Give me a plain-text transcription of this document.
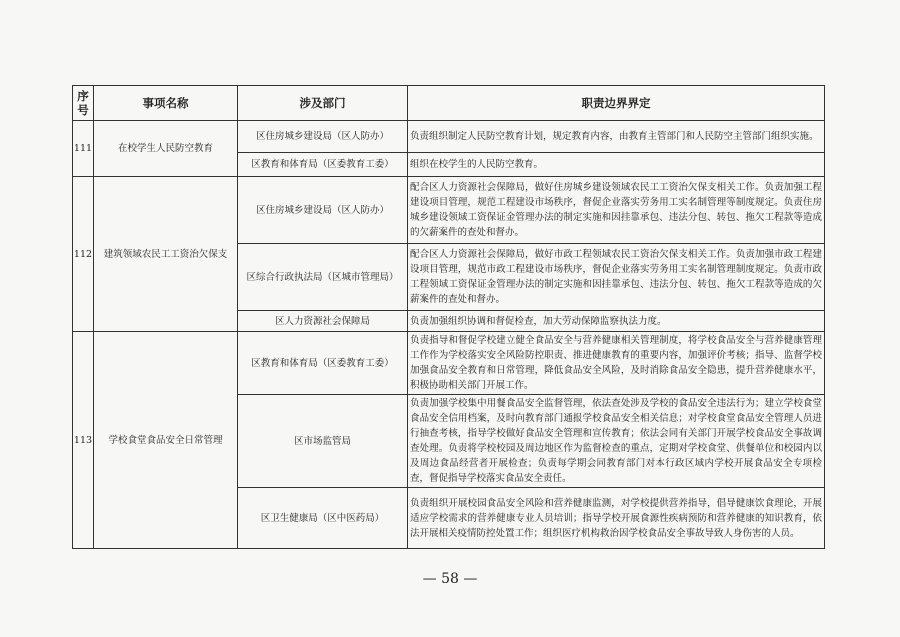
序号	事项名称	涉及部门	职责边界界定
111	在校学生人民防空教育	区住房城乡建设局（区人防办）	负责组织制定人民防空教育计划，规定教育内容，由教育主管部门和人民防空主管部门组织实施。
		区教育和体育局（区委教育工委）	组织在校学生的人民防空教育。
112	建筑领域农民工工资治欠保支	区住房城乡建设局（区人防办）	配合区人力资源社会保障局，做好住房城乡建设领域农民工工资治欠保支相关工作。负责加强工程建设项目管理，规范工程建设市场秩序，督促企业落实劳务用工实名制管理等制度规定。负责住房城乡建设领域工资保证金管理办法的制定实施和因挂靠承包、违法分包、转包、拖欠工程款等造成的欠薪案件的查处和督办。
		区综合行政执法局（区城市管理局）	配合区人力资源社会保障局，做好市政工程领域农民工资治欠保支相关工作。负责加强市政工程建设项目管理，规范市政工程建设市场秩序，督促企业落实劳务用工实名制管理制度规定。负责市政工程领域工资保证金管理办法的制定实施和因挂靠承包、违法分包、转包、拖欠工程款等造成的欠薪案件的查处和督办。
		区人力资源社会保障局	负责加强组织协调和督促检查，加大劳动保障监察执法力度。
113	学校食堂食品安全日常管理	区教育和体育局（区委教育工委）	负责指导和督促学校建立健全食品安全与营养健康相关管理制度，将学校食品安全与营养健康管理工作作为学校落实安全风险防控职责、推进健康教育的重要内容，加强评价考核；指导、监督学校加强食品安全教育和日常管理，降低食品安全风险，及时消除食品安全隐患，提升营养健康水平，积极协助相关部门开展工作。
		区市场监管局	负责加强学校集中用餐食品安全监督管理，依法查处涉及学校的食品安全违法行为；建立学校食堂食品安全信用档案，及时向教育部门通报学校食品安全相关信息；对学校食堂食品安全管理人员进行抽查考核，指导学校做好食品安全管理和宣传教育；依法会同有关部门开展学校食品安全事故调查处理。负责将学校校园及周边地区作为监督检查的重点，定期对学校食堂、供餐单位和校园内以及周边食品经营者开展检查；负责每学期会同教育部门对本行政区域内学校开展食品安全专项检查，督促指导学校落实食品安全责任。
		区卫生健康局（区中医药局）	负责组织开展校园食品安全风险和营养健康监测，对学校提供营养指导，倡导健康饮食理论，开展适应学校需求的营养健康专业人员培训；指导学校开展食源性疾病预防和营养健康的知识教育，依法开展相关疫情防控处置工作；组织医疗机构救治因学校食品安全事故导致人身伤害的人员。
— 58 —
